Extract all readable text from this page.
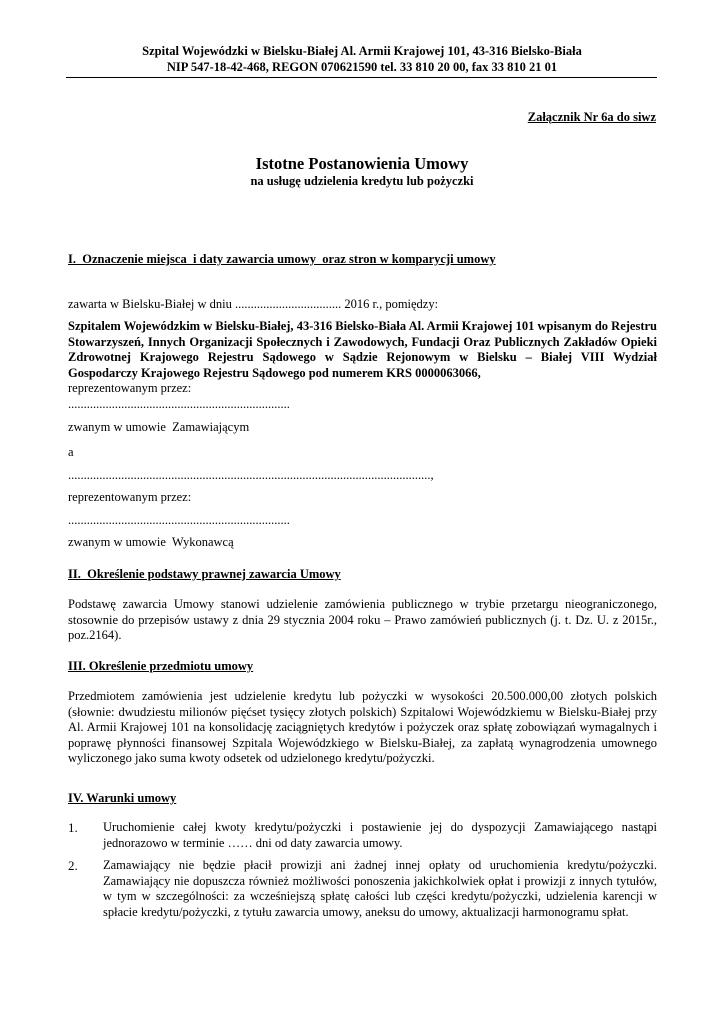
Szpital Wojewódzki w Bielsku-Białej Al. Armii Krajowej 101, 43-316 Bielsko-Biała
NIP 547-18-42-468, REGON 070621590 tel. 33 810 20 00, fax 33 810 21 01
Załącznik Nr 6a do siwz
Istotne Postanowienia Umowy
na usługę udzielenia kredytu lub pożyczki
I.  Oznaczenie miejsca  i daty zawarcia umowy  oraz stron w komparycji umowy
zawarta w Bielsku-Białej w dniu .................................. 2016 r., pomiędzy:
Szpitalem Wojewódzkim w Bielsku-Białej, 43-316 Bielsko-Biała Al. Armii Krajowej 101 wpisanym do Rejestru Stowarzyszeń, Innych Organizacji Społecznych i Zawodowych, Fundacji Oraz Publicznych Zakładów Opieki Zdrowotnej Krajowego Rejestru Sądowego w Sądzie Rejonowym w Bielsku – Białej VIII Wydział Gospodarczy Krajowego Rejestru Sądowego pod numerem KRS 0000063066,
reprezentowanym przez:
.......................................................................
zwanym w umowie  Zamawiającym
a
....................................................................................................................,
reprezentowanym przez:
.......................................................................
zwanym w umowie  Wykonawcą
II.  Określenie podstawy prawnej zawarcia Umowy
Podstawę zawarcia Umowy stanowi udzielenie zamówienia publicznego w trybie przetargu nieograniczonego, stosownie do przepisów ustawy z dnia 29 stycznia 2004 roku – Prawo zamówień publicznych (j. t. Dz. U. z 2015r., poz.2164).
III. Określenie przedmiotu umowy
Przedmiotem zamówienia jest udzielenie kredytu lub pożyczki w wysokości 20.500.000,00 złotych polskich (słownie: dwudziestu milionów pięćset tysięcy złotych polskich) Szpitalowi Wojewódzkiemu w Bielsku-Białej przy Al. Armii Krajowej 101 na konsolidację zaciągniętych kredytów i pożyczek oraz spłatę zobowiązań wymagalnych i poprawę płynności finansowej Szpitala Wojewódzkiego w Bielsku-Białej, za zapłatą wynagrodzenia umownego wyliczonego jako suma kwoty odsetek od udzielonego kredytu/pożyczki.
IV. Warunki umowy
1. Uruchomienie całej kwoty kredytu/pożyczki i postawienie jej do dyspozycji Zamawiającego nastąpi jednorazowo w terminie …… dni od daty zawarcia umowy.
2. Zamawiający nie będzie płacił prowizji ani żadnej innej opłaty od uruchomienia kredytu/pożyczki. Zamawiający nie dopuszcza również możliwości ponoszenia jakichkolwiek opłat i prowizji z innych tytułów, w tym w szczególności: za wcześniejszą spłatę całości lub części kredytu/pożyczki, udzielenia karencji w spłacie kredytu/pożyczki, z tytułu zawarcia umowy, aneksu do umowy, aktualizacji harmonogramu spłat.
